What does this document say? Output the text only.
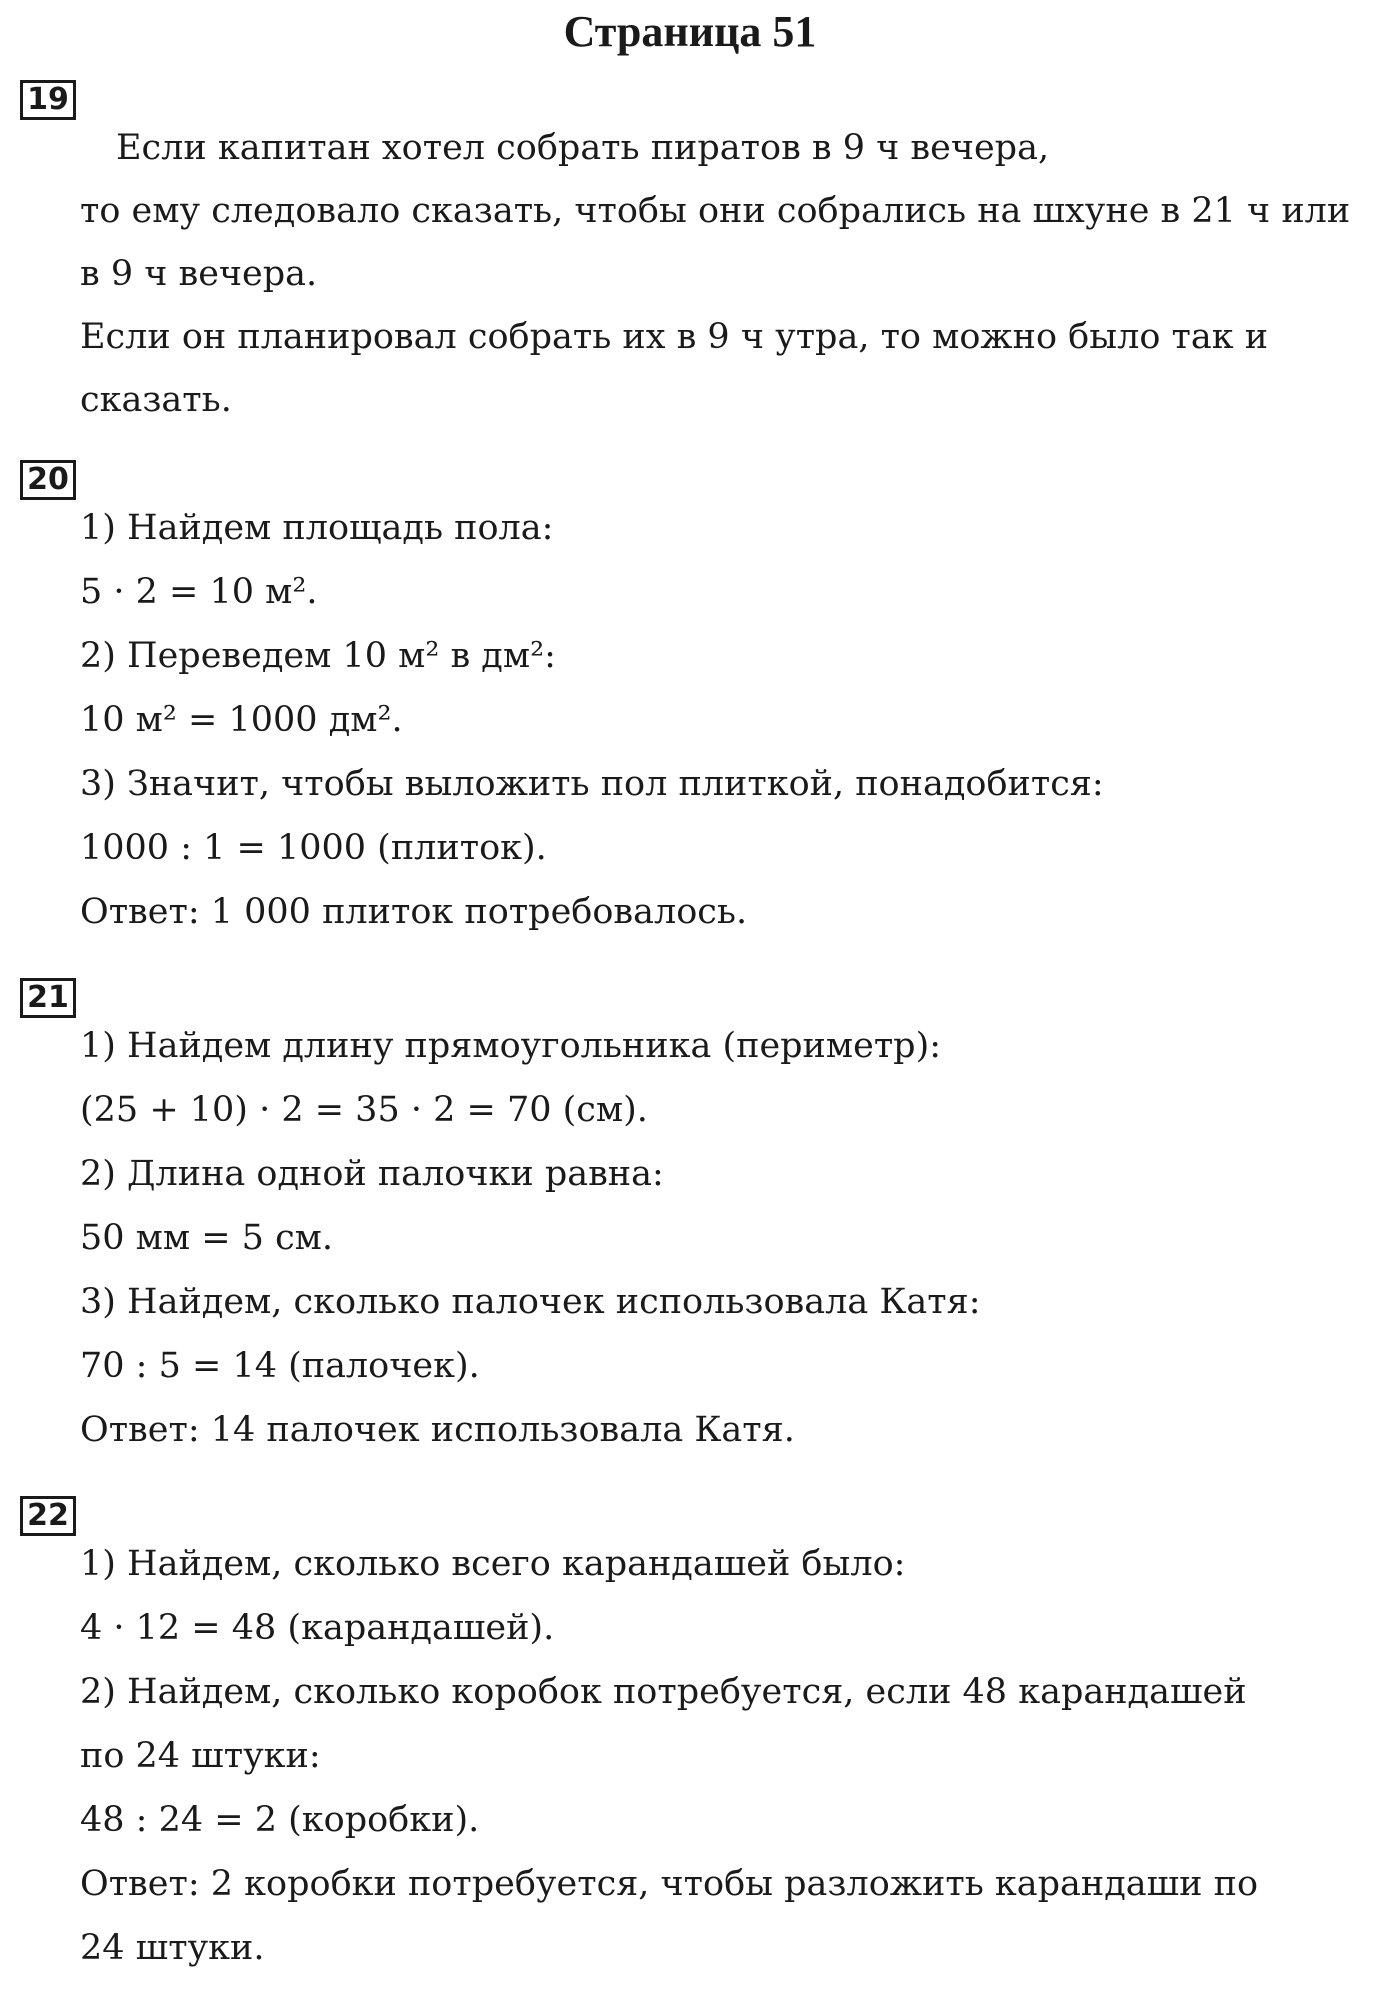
Страница 51
19
Если капитан хотел собрать пиратов в 9 ч вечера,
то ему следовало сказать, чтобы они собрались на шхуне в 21 ч или
в 9 ч вечера.
Если он планировал собрать их в 9 ч утра, то можно было так и
сказать.
20
1) Найдем площадь пола:
5 · 2 = 10 м².
2) Переведем 10 м² в дм²:
10 м² = 1000 дм².
3) Значит, чтобы выложить пол плиткой, понадобится:
1000 : 1 = 1000 (плиток).
Ответ: 1 000 плиток потребовалось.
21
1) Найдем длину прямоугольника (периметр):
(25 + 10) · 2 = 35 · 2 = 70 (см).
2) Длина одной палочки равна:
50 мм = 5 см.
3) Найдем, сколько палочек использовала Катя:
70 : 5 = 14 (палочек).
Ответ: 14 палочек использовала Катя.
22
1) Найдем, сколько всего карандашей было:
4 · 12 = 48 (карандашей).
2) Найдем, сколько коробок потребуется, если 48 карандашей
по 24 штуки:
48 : 24 = 2 (коробки).
Ответ: 2 коробки потребуется, чтобы разложить карандаши по
24 штуки.
